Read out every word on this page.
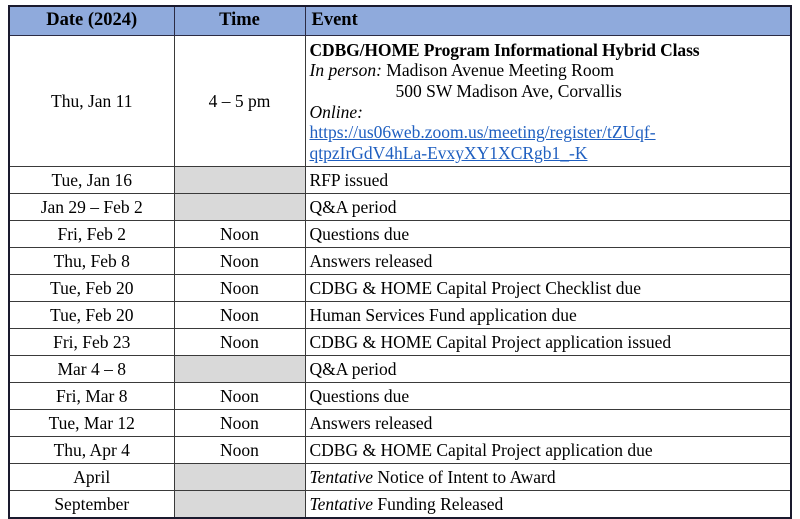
Date (2024)	Time	Event
Thu, Jan 11	4 – 5 pm	
CDBG/HOME Program Informational Hybrid Class
In person: Madison Avenue Meeting Room
500 SW Madison Ave, Corvallis
Online:
https://us06web.zoom.us/meeting/register/tZUqf-
qtpzIrGdV4hLa-EvxyXY1XCRgb1_-K

Tue, Jan 16		RFP issued
Jan 29 – Feb 2		Q&A period
Fri, Feb 2	Noon	Questions due
Thu, Feb 8	Noon	Answers released
Tue, Feb 20	Noon	CDBG & HOME Capital Project Checklist due
Tue, Feb 20	Noon	Human Services Fund application due
Fri, Feb 23	Noon	CDBG & HOME Capital Project application issued
Mar 4 – 8		Q&A period
Fri, Mar 8	Noon	Questions due
Tue, Mar 12	Noon	Answers released
Thu, Apr 4	Noon	CDBG & HOME Capital Project application due
April		Tentative Notice of Intent to Award
September		Tentative Funding Released
